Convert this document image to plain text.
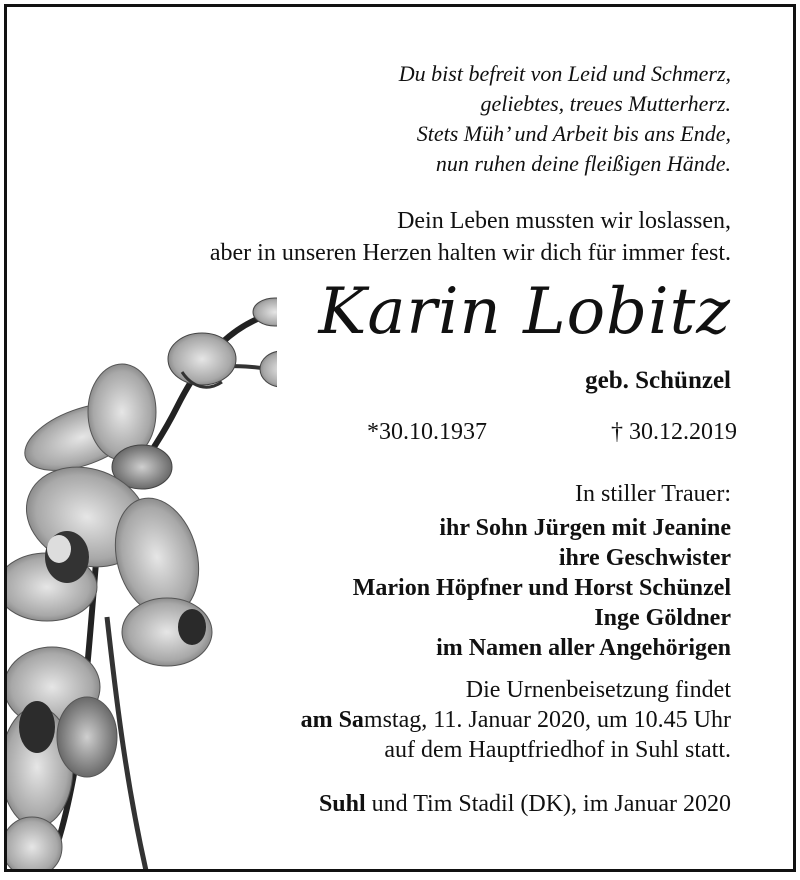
Du bist befreit von Leid und Schmerz,
geliebtes, treues Mutterherz.
Stets Müh’ und Arbeit bis ans Ende,
nun ruhen deine fleißigen Hände.
Dein Leben mussten wir loslassen,
aber in unseren Herzen halten wir dich für immer fest.
Karin Lobitz
geb. Schünzel
*30.10.1937	† 30.12.2019
In stiller Trauer:
ihr Sohn Jürgen mit Jeanine
ihre Geschwister
Marion Höpfner und Horst Schünzel
Inge Göldner
im Namen aller Angehörigen
Die Urnenbeisetzung findet
am Samstag, 11. Januar 2020, um 10.45 Uhr
auf dem Hauptfriedhof in Suhl statt.
Suhl und Tim Stadil (DK), im Januar 2020
